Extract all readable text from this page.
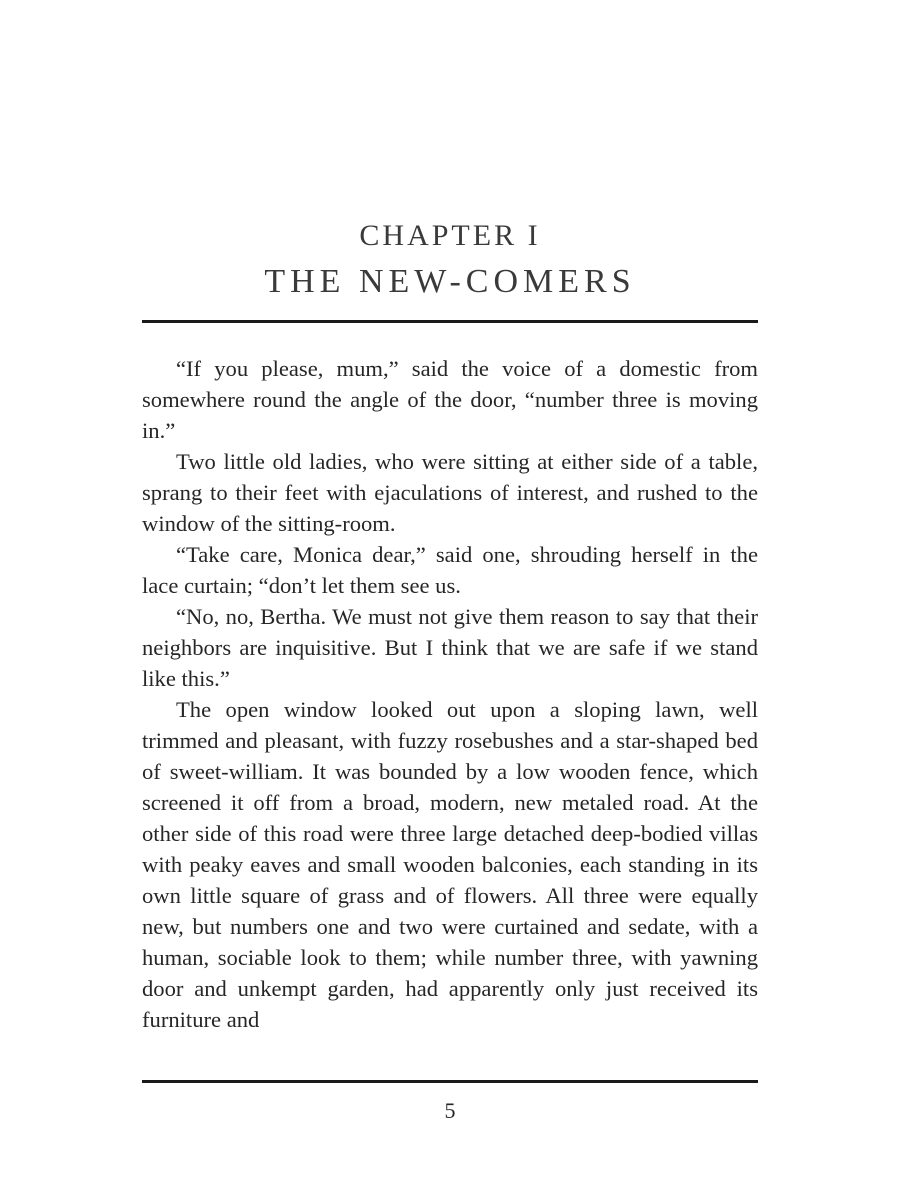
CHAPTER I
THE NEW-COMERS

“If you please, mum,” said the voice of a domestic from somewhere round the angle of the door, “number three is moving in.”

Two little old ladies, who were sitting at either side of a table, sprang to their feet with ejaculations of interest, and rushed to the window of the sitting-room.

“Take care, Monica dear,” said one, shrouding herself in the lace curtain; “don’t let them see us.

“No, no, Bertha. We must not give them reason to say that their neighbors are inquisitive. But I think that we are safe if we stand like this.”

The open window looked out upon a sloping lawn, well trimmed and pleasant, with fuzzy rosebushes and a star-shaped bed of sweet-william. It was bounded by a low wooden fence, which screened it off from a broad, modern, new metaled road. At the other side of this road were three large detached deep-bodied villas with peaky eaves and small wooden balconies, each standing in its own little square of grass and of flowers. All three were equally new, but numbers one and two were curtained and sedate, with a human, sociable look to them; while number three, with yawning door and unkempt garden, had apparently only just received its furniture and

5
